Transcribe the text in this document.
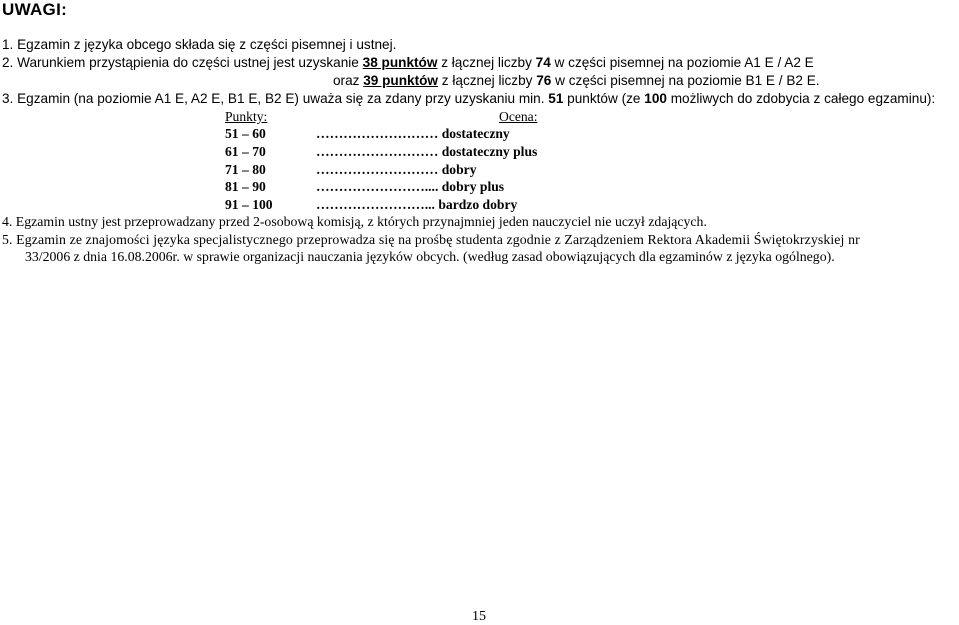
UWAGI:
1. Egzamin z języka obcego składa się z części pisemnej i ustnej.
2. Warunkiem przystąpienia do części ustnej jest uzyskanie 38 punktów z łącznej liczby 74 w części pisemnej na poziomie A1 E / A2 E
oraz 39 punktów z łącznej liczby 76 w części pisemnej na poziomie B1 E / B2 E.
3. Egzamin (na poziomie A1 E, A2 E, B1 E, B2 E) uważa się za zdany przy uzyskaniu min. 51 punktów (ze 100 możliwych do zdobycia z całego egzaminu):
Punkty:	Ocena:
51 – 60	……………………… dostateczny
61 – 70	……………………… dostateczny plus
71 – 80	……………………… dobry
81 – 90	…………………….... dobry plus
91 – 100	……………………... bardzo dobry
4. Egzamin ustny jest przeprowadzany przed 2-osobową komisją, z których przynajmniej jeden nauczyciel nie uczył zdających.
5. Egzamin ze znajomości języka specjalistycznego przeprowadza się na prośbę studenta zgodnie z Zarządzeniem Rektora Akademii Świętokrzyskiej nr
33/2006 z dnia 16.08.2006r. w sprawie organizacji nauczania języków obcych. (według zasad obowiązujących dla egzaminów z języka ogólnego).
15
